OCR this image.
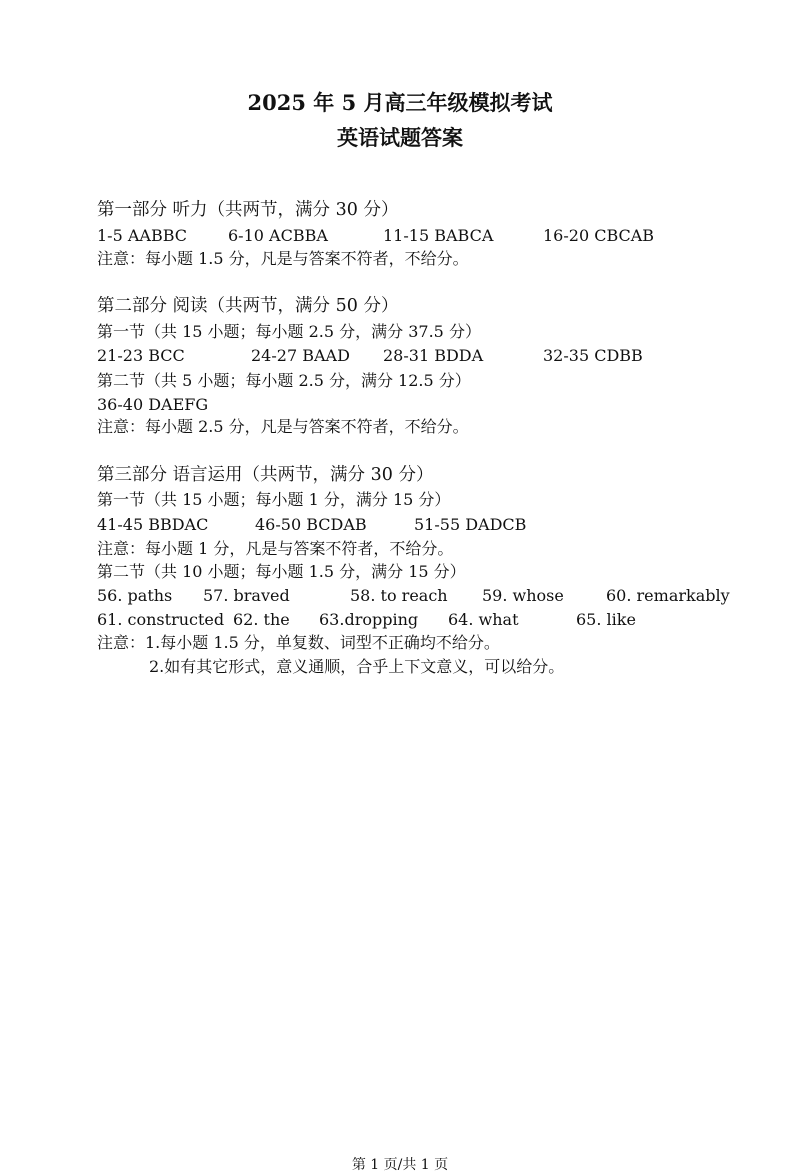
2025 年 5 月高三年级模拟考试
英语试题答案
第一部分 听力（共两节，满分 30 分）
1-5 AABBC	6-10 ACBBA	11-15 BABCA	16-20 CBCAB
注意：每小题 1.5 分，凡是与答案不符者，不给分。
第二部分 阅读（共两节，满分 50 分）
第一节（共 15 小题；每小题 2.5 分，满分 37.5 分）
21-23 BCC	24-27 BAAD 28-31 BDDA	32-35 CDBB
第二节（共 5 小题；每小题 2.5 分，满分 12.5 分）
36-40 DAEFG
注意：每小题 2.5 分，凡是与答案不符者，不给分。
第三部分 语言运用（共两节，满分 30 分）
第一节（共 15 小题；每小题 1 分，满分 15 分）
41-45 BBDAC	46-50 BCDAB	51-55 DADCB
注意：每小题 1 分，凡是与答案不符者，不给分。
第二节（共 10 小题；每小题 1.5 分，满分 15 分）
56. paths 57. braved	58. to reach 59. whose	60. remarkably
61. constructed 62. the 63.dropping 64. what	65. like
注意：1.每小题 1.5 分，单复数、词型不正确均不给分。
2.如有其它形式，意义通顺，合乎上下文意义，可以给分。
第 1 页/共 1 页
